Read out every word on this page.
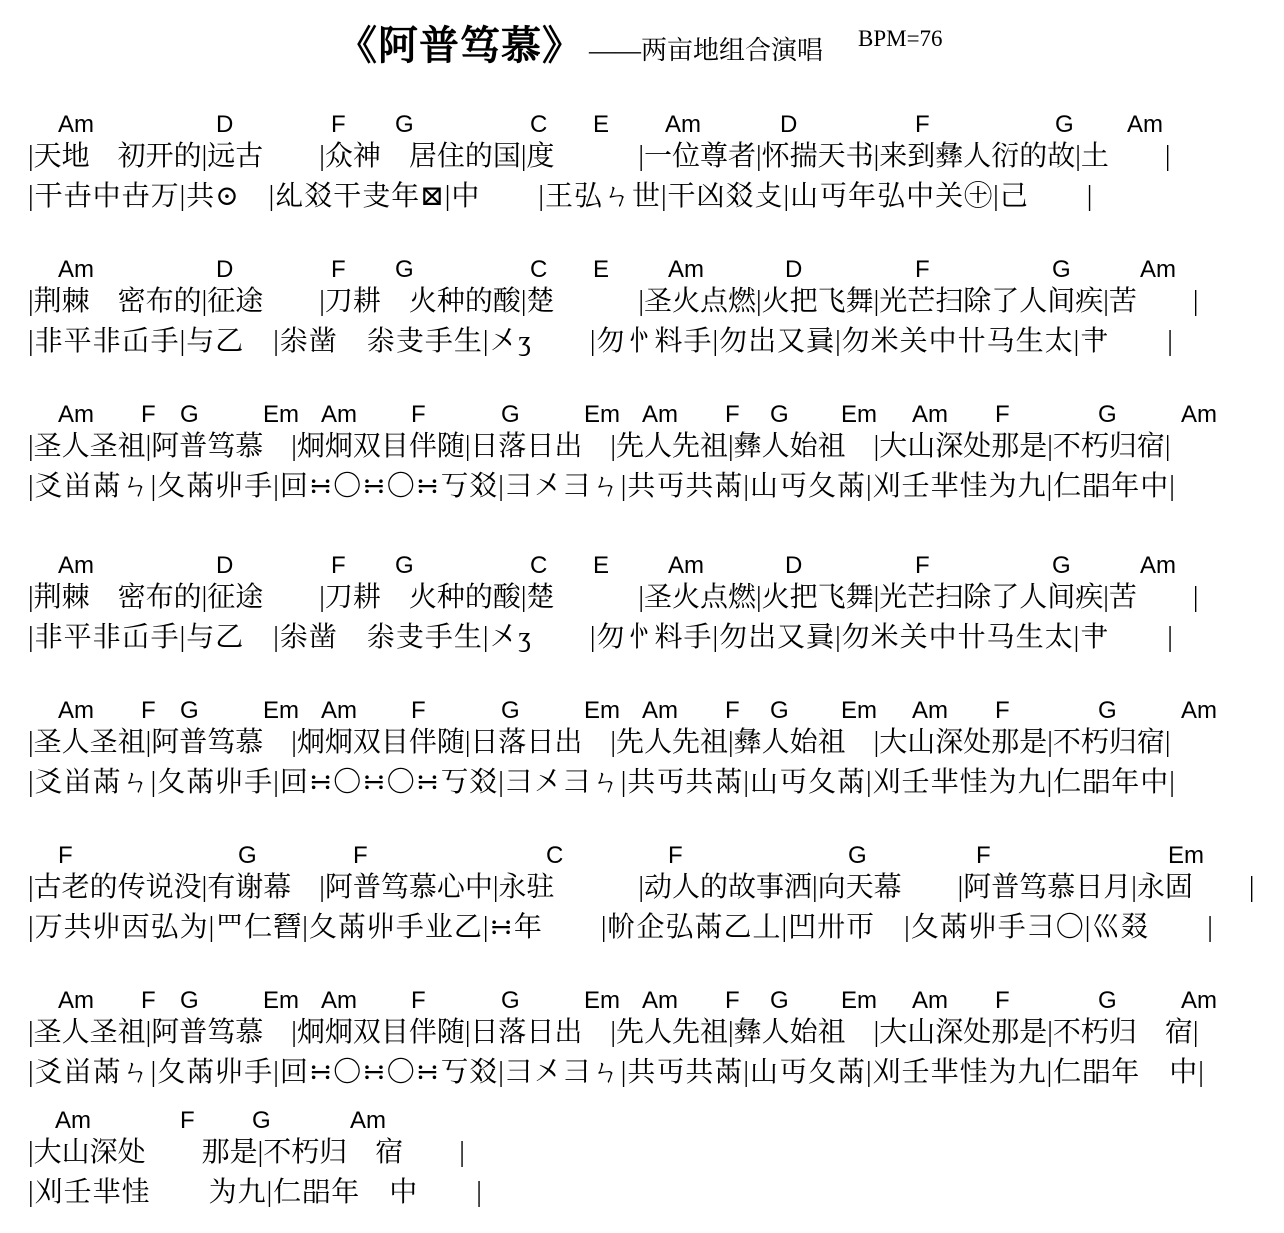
《阿普笃慕》 ——两亩地组合演唱 BPM=76
Am	D	F G	C E Am	D	F	G Am
|天地　初开的|远古　　|众神　居住的国|度　　　|一位尊者|怀揣天书|来到彝人衍的故|土　　|
|干卋中卋万|共⊙　|乣㸚干叏年⊠|中　　|王弘ㄣ世|干凶㸚攴|山丏年弘中关㊉|己　　|
Am	D	F G	C E Am	D	F	G	Am
|荆棘　密布的|征途　　|刀耕　火种的酸|楚　　　|圣火点燃|火把飞舞|光芒扫除了人间疾|苦　　|
|非平非屲手|与乙　|尜凿　尜叏手生|㐅ʒ　　|勿㣺料手|勿岀又㠱|勿米关中卄马生太|肀　　|
Am F G	Em Am F	G	Em Am F G Em Am F	G	Am
|圣人圣祖|阿普笃慕　|炯炯双目伴随|日落日出　|先人先祖|彝人始祖　|大山深处那是|不朽归宿|
|爻畄㒼ㄣ|夂㒼丱手|回∺〇∺〇∺丂㸚|彐㐅彐ㄣ|共丏共㒼|山丏夂㒼|刈壬芈㤬为九|仁㗊年中|
Am	D	F G	C E Am	D	F	G	Am
|荆棘　密布的|征途　　|刀耕　火种的酸|楚　　　|圣火点燃|火把飞舞|光芒扫除了人间疾|苦　　|
|非平非屲手|与乙　|尜凿　尜叏手生|㐅ʒ　　|勿㣺料手|勿岀又㠱|勿米关中卄马生太|肀　　|
Am F G	Em Am F	G	Em Am F G Em Am F	G	Am
|圣人圣祖|阿普笃慕　|炯炯双目伴随|日落日出　|先人先祖|彝人始祖　|大山深处那是|不朽归宿|
|爻畄㒼ㄣ|夂㒼丱手|回∺〇∺〇∺丂㸚|彐㐅彐ㄣ|共丏共㒼|山丏夂㒼|刈壬芈㤬为九|仁㗊年中|
F	G	F	C	F	G	F	Em
|古老的传说没|有谢幕　|阿普笃慕心中|永驻　　　|动人的故事洒|向天幕　　|阿普笃慕日月|永固　　|
|万共丱㐁弘为|罒仁㬜|夂㒼丱手业乙|∺年　　|㠹企弘㒼乙丄|凹卅帀　|夂㒼丱手彐〇|巛叕　　|
Am F G	Em Am F	G	Em Am F G Em Am F	G	Am
|圣人圣祖|阿普笃慕　|炯炯双目伴随|日落日出　|先人先祖|彝人始祖　|大山深处那是|不朽归　宿|
|爻畄㒼ㄣ|夂㒼丱手|回∺〇∺〇∺丂㸚|彐㐅彐ㄣ|共丏共㒼|山丏夂㒼|刈壬芈㤬为九|仁㗊年　中|
Am	F G	Am
|大山深处　　那是|不朽归　宿　　|
|刈壬芈㤬　　为九|仁㗊年　中　　|
